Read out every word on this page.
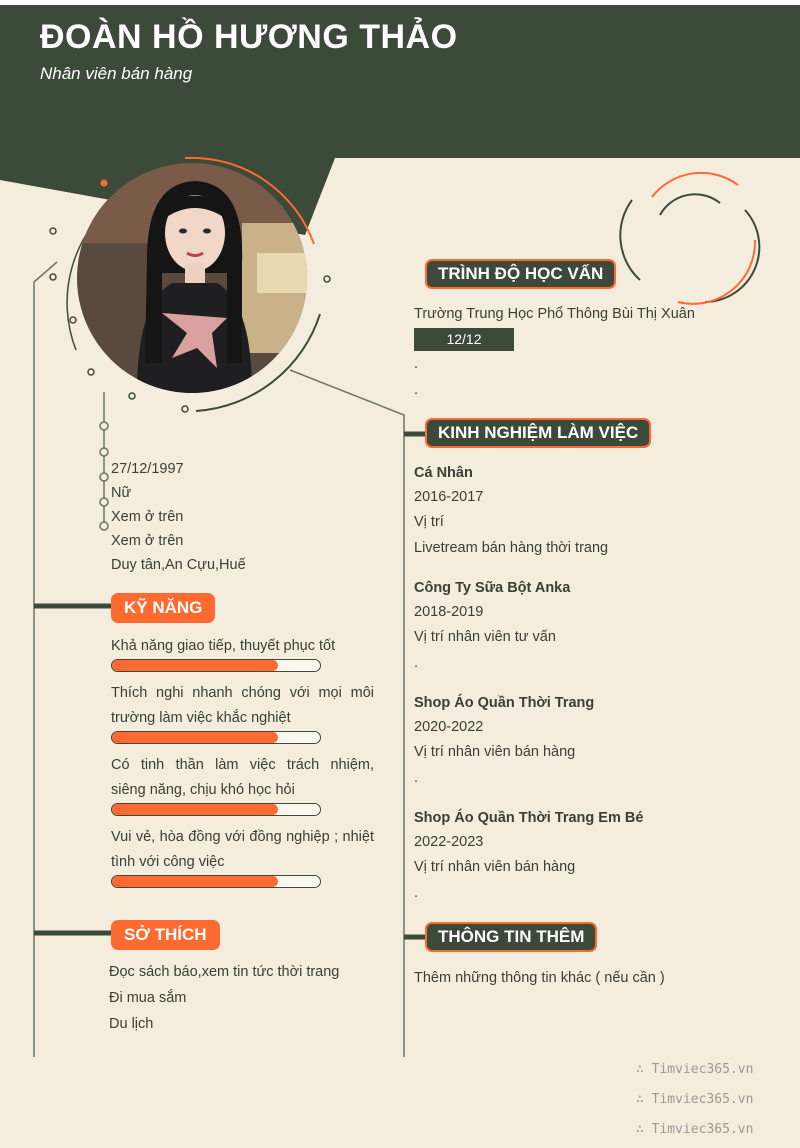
ĐOÀN HỒ HƯƠNG THẢO
Nhân viên bán hàng
27/12/1997
Nữ
Xem ở trên
Xem ở trên
Duy tân,An Cựu,Huế
KỸ NĂNG
Khả năng giao tiếp, thuyết phục tốt
Thích nghi nhanh chóng với mọi môi
trường làm việc khắc nghiệt
Có tinh thần làm việc trách nhiệm,
siêng năng, chịu khó học hỏi
Vui vẻ, hòa đồng với đồng nghiệp ; nhiệt
tình với công việc
SỞ THÍCH
Đọc sách báo,xem tin tức thời trang
Đi mua sắm
Du lịch
TRÌNH ĐỘ HỌC VẤN
Trường Trung Học Phổ Thông Bùi Thị Xuân
12/12
.
.
KINH NGHIỆM LÀM VIỆC
Cá Nhân
2016-2017
Vị trí
Livetream bán hàng thời trang
Công Ty Sữa Bột Anka
2018-2019
Vị trí nhân viên tư vấn
.
Shop Áo Quần Thời Trang
2020-2022
Vị trí nhân viên bán hàng
.
Shop Áo Quần Thời Trang Em Bé
2022-2023
Vị trí nhân viên bán hàng
.
THÔNG TIN THÊM
Thêm những thông tin khác ( nếu cần )
∴ Timviec365.vn
∴ Timviec365.vn
∴ Timviec365.vn
